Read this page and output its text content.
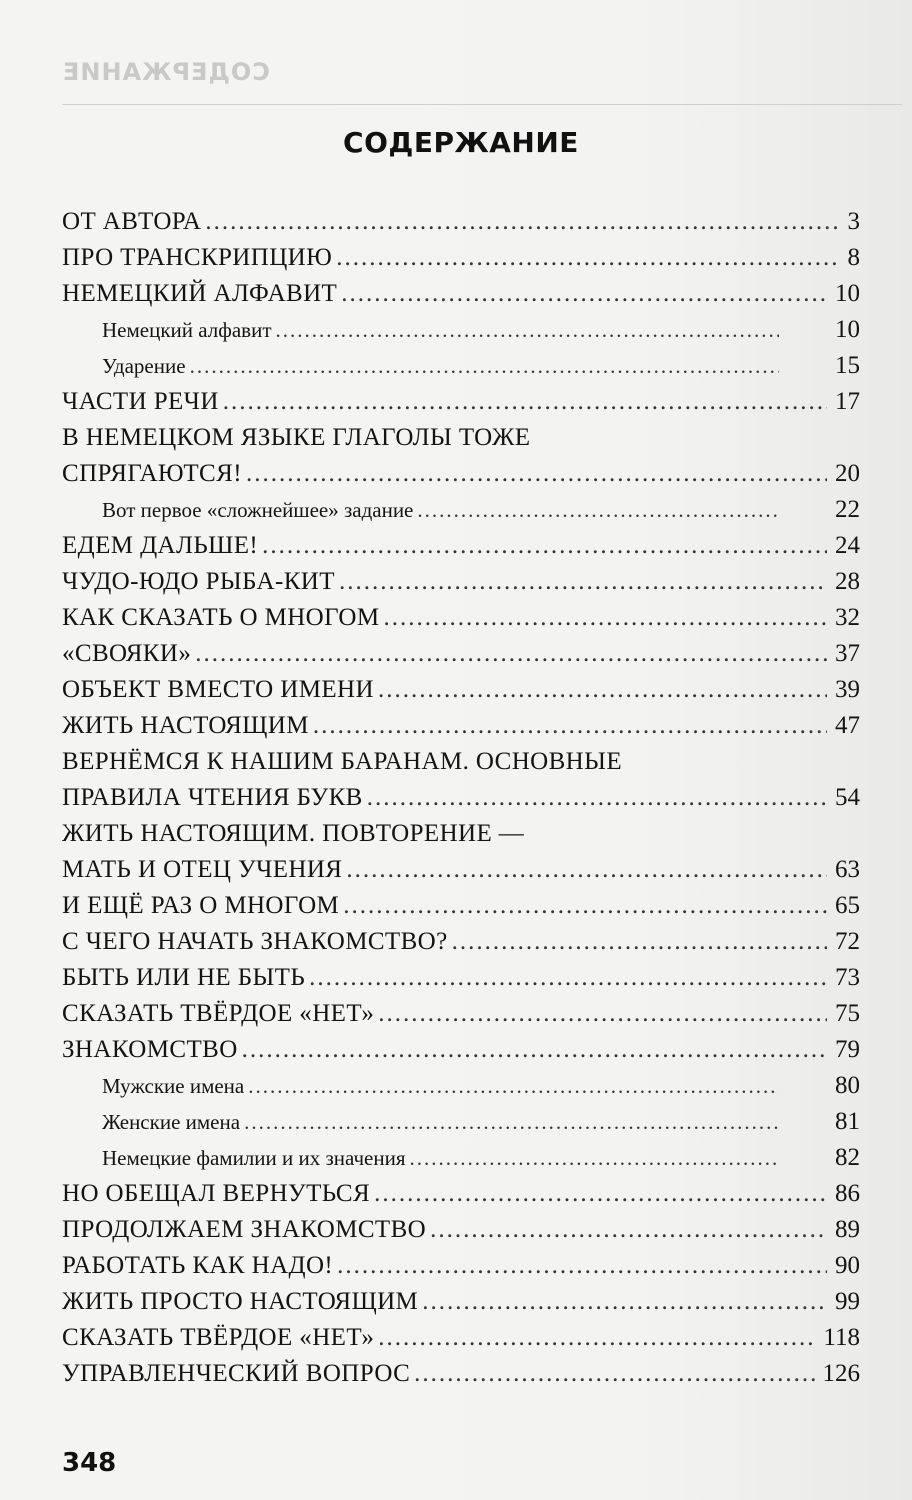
СОДЕРЖАНИЕ
СОДЕРЖАНИЕ
ОТ АВТОРА .....	3
ПРО ТРАНСКРИПЦИЮ .....	8
НЕМЕЦКИЙ АЛФАВИТ .....	10
Немецкий алфавит .....	10
Ударение .....	15
ЧАСТИ РЕЧИ .....	17
В НЕМЕЦКОМ ЯЗЫКЕ ГЛАГОЛЫ ТОЖЕ
СПРЯГАЮТСЯ! .....	20
Вот первое «сложнейшее» задание .....	22
ЕДЕМ ДАЛЬШЕ! .....	24
ЧУДО-ЮДО РЫБА-КИТ .....	28
КАК СКАЗАТЬ О МНОГОМ .....	32
«СВОЯКИ» .....	37
ОБЪЕКТ ВМЕСТО ИМЕНИ .....	39
ЖИТЬ НАСТОЯЩИМ .....	47
ВЕРНЁМСЯ К НАШИМ БАРАНАМ. ОСНОВНЫЕ
ПРАВИЛА ЧТЕНИЯ БУКВ .....	54
ЖИТЬ НАСТОЯЩИМ. ПОВТОРЕНИЕ —
МАТЬ И ОТЕЦ УЧЕНИЯ .....	63
И ЕЩЁ РАЗ О МНОГОМ .....	65
С ЧЕГО НАЧАТЬ ЗНАКОМСТВО? .....	72
БЫТЬ ИЛИ НЕ БЫТЬ .....	73
СКАЗАТЬ ТВЁРДОЕ «НЕТ» .....	75
ЗНАКОМСТВО .....	79
Мужские имена .....	80
Женские имена .....	81
Немецкие фамилии и их значения .....	82
НО ОБЕЩАЛ ВЕРНУТЬСЯ .....	86
ПРОДОЛЖАЕМ ЗНАКОМСТВО .....	89
РАБОТАТЬ КАК НАДО! .....	90
ЖИТЬ ПРОСТО НАСТОЯЩИМ .....	99
СКАЗАТЬ ТВЁРДОЕ «НЕТ» .....	118
УПРАВЛЕНЧЕСКИЙ ВОПРОС .....	126
348
